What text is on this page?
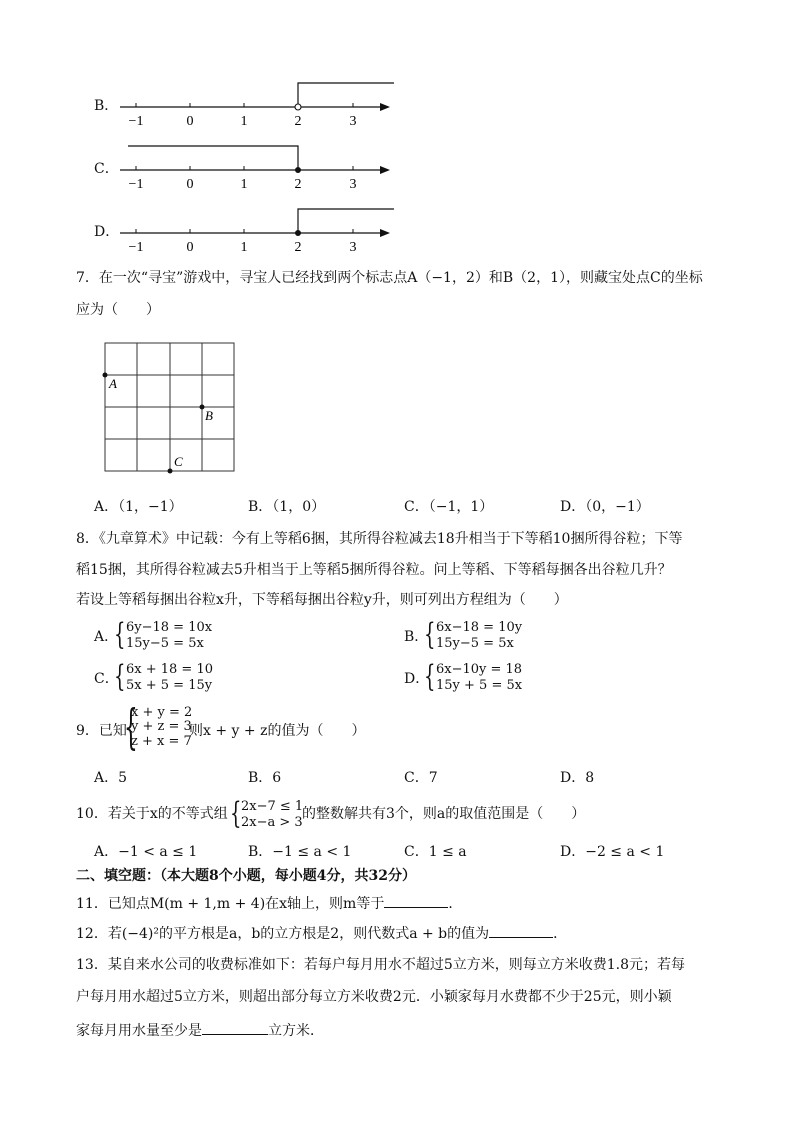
B．
−1	0	1	2	3
C．
−1	0	1	2	3
D．
−1	0	1	2	3
7．在一次“寻宝”游戏中，寻宝人已经找到两个标志点A（−1，2）和B（2，1），则藏宝处点C的坐标
应为（　　）
A
B
C
A．（1，−1）	B．（1，0）	C．（−1，1）	D．（0，−1）
8．《九章算术》中记载：今有上等稻6捆，其所得谷粒减去18升相当于下等稻10捆所得谷粒；下等
稻15捆，其所得谷粒减去5升相当于上等稻5捆所得谷粒。问上等稻、下等稻每捆各出谷粒几升？
若设上等稻每捆出谷粒x升，下等稻每捆出谷粒y升，则可列出方程组为（　　）
A．
{ 6y−18 = 10x
15y−5 = 5x	B．
{ 6x−18 = 10y
15y−5 = 5x
C．
{ 6x + 18 = 10
5x + 5 = 15y	D．
{ 6x−10y = 18
15y + 5 = 5x
9．已知
{
x + y = 2
y + z = 3
z + x = 7
则x + y + z的值为（　　）
A．5	B．6	C．7	D．8
10．若关于x的不等式组 { 2x−7 ≤ 1
2x−a > 3
的整数解共有3个，则a的取值范围是（　　）
A．−1 < a ≤ 1	B．−1 ≤ a < 1	C．1 ≤ a	D．−2 ≤ a < 1
二、填空题：（本大题8个小题，每小题4分，共32分）
11．已知点M(m + 1,m + 4)在x轴上，则m等于	．
12．若(−4)²的平方根是a，b的立方根是2，则代数式a + b的值为	．
13．某自来水公司的收费标准如下：若每户每月用水不超过5立方米，则每立方米收费1.8元；若每
户每月用水超过5立方米，则超出部分每立方米收费2元．小颖家每月水费都不少于25元，则小颖
家每月用水量至少是	立方米．
